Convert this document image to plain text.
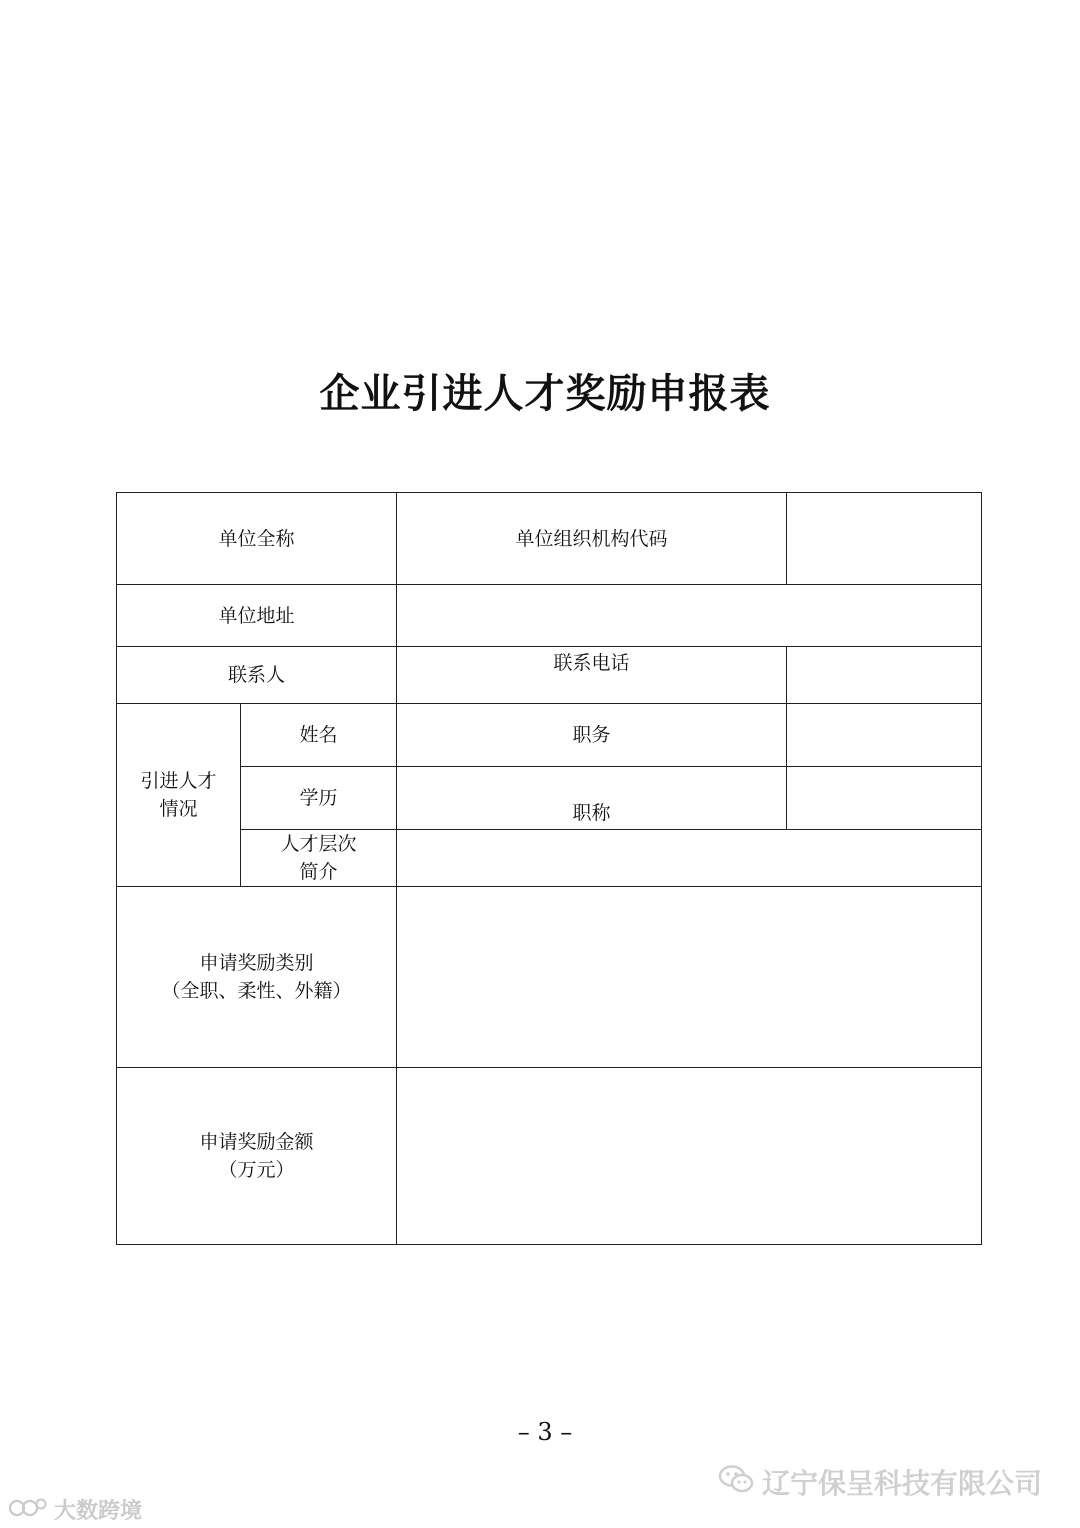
企业引进人才奖励申报表
单位全称	单位组织机构代码
单位地址
联系人
联系电话
引进人才
情况
姓名	职务
学历
职称
人才层次
简介
申请奖励类别
（全职、柔性、外籍）
申请奖励金额
（万元）
– 3 –
辽宁保呈科技有限公司
大数跨境
